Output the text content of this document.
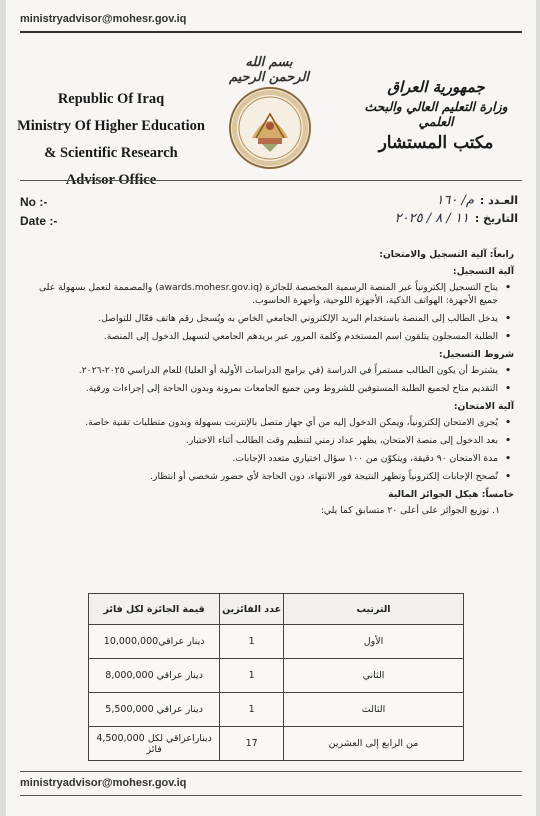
ministryadvisor@mohesr.gov.iq
Republic Of Iraq
Ministry Of Higher Education
& Scientific Research
Advisor Office
بسم الله الرحمن الرحيم
جمهورية العراق
وزارة التعليم العالي والبحث العلمي
مكتب المستشار
No :-
Date :-
العـدد :م/ ١٦٠
التاريخ :١١ / ٨ / ٢٠٢٥
رابعاً: آلية التسجيل والامتحان:
آلية التسجيل:
• يتاح التسجيل إلكترونياً عبر المنصة الرسمية المخصصة للجائزة (awards.mohesr.gov.iq) والمصممة لتعمل بسهولة على جميع الأجهزة: الهواتف الذكية، الأجهزة اللوحية، وأجهزة الحاسوب.
• يدخل الطالب إلى المنصة باستخدام البريد الإلكتروني الجامعي الخاص به ويُسجل رقم هاتف فعّال للتواصل.
• الطلبة المسجلون يتلقون اسم المستخدم وكلمة المرور عبر بريدهم الجامعي لتسهيل الدخول إلى المنصة.
شروط التسجيل:
• يشترط أن يكون الطالب مستمراً في الدراسة (في برامج الدراسات الأولية أو العليا) للعام الدراسي ٢٠٢٥-٢٠٢٦.
• التقديم متاح لجميع الطلبة المستوفين للشروط ومن جميع الجامعات بمرونة وبدون الحاجة إلى إجراءات ورقية.
آلية الامتحان:
• يُجرى الامتحان إلكترونياً، ويمكن الدخول إليه من أي جهاز متصل بالإنترنت بسهولة وبدون متطلبات تقنية خاصة.
• بعد الدخول إلى منصة الامتحان، يظهر عداد زمني لتنظيم وقت الطالب أثناء الاختبار.
• مدة الامتحان ٩٠ دقيقة، ويتكوّن من ١٠٠ سؤال اختياري متعدد الإجابات.
• تُصحح الإجابات إلكترونياً وتظهر النتيجة فور الانتهاء، دون الحاجة لأي حضور شخصي أو انتظار.
خامساً: هيكل الجوائز المالية
١. توزيع الجوائز على أعلى ٢٠ متسابق كما يلي:
الترتيب	عدد الفائزين	قيمة الجائزة لكل فائز
الأول	1	10,000,000دينار عراقي
الثاني	1	8,000,000 دينار عراقي
الثالث	1	5,500,000 دينار عراقي
من الرابع إلى العشرين	17	4,500,000 ديناراعراقي لكل فائز
ministryadvisor@mohesr.gov.iq
